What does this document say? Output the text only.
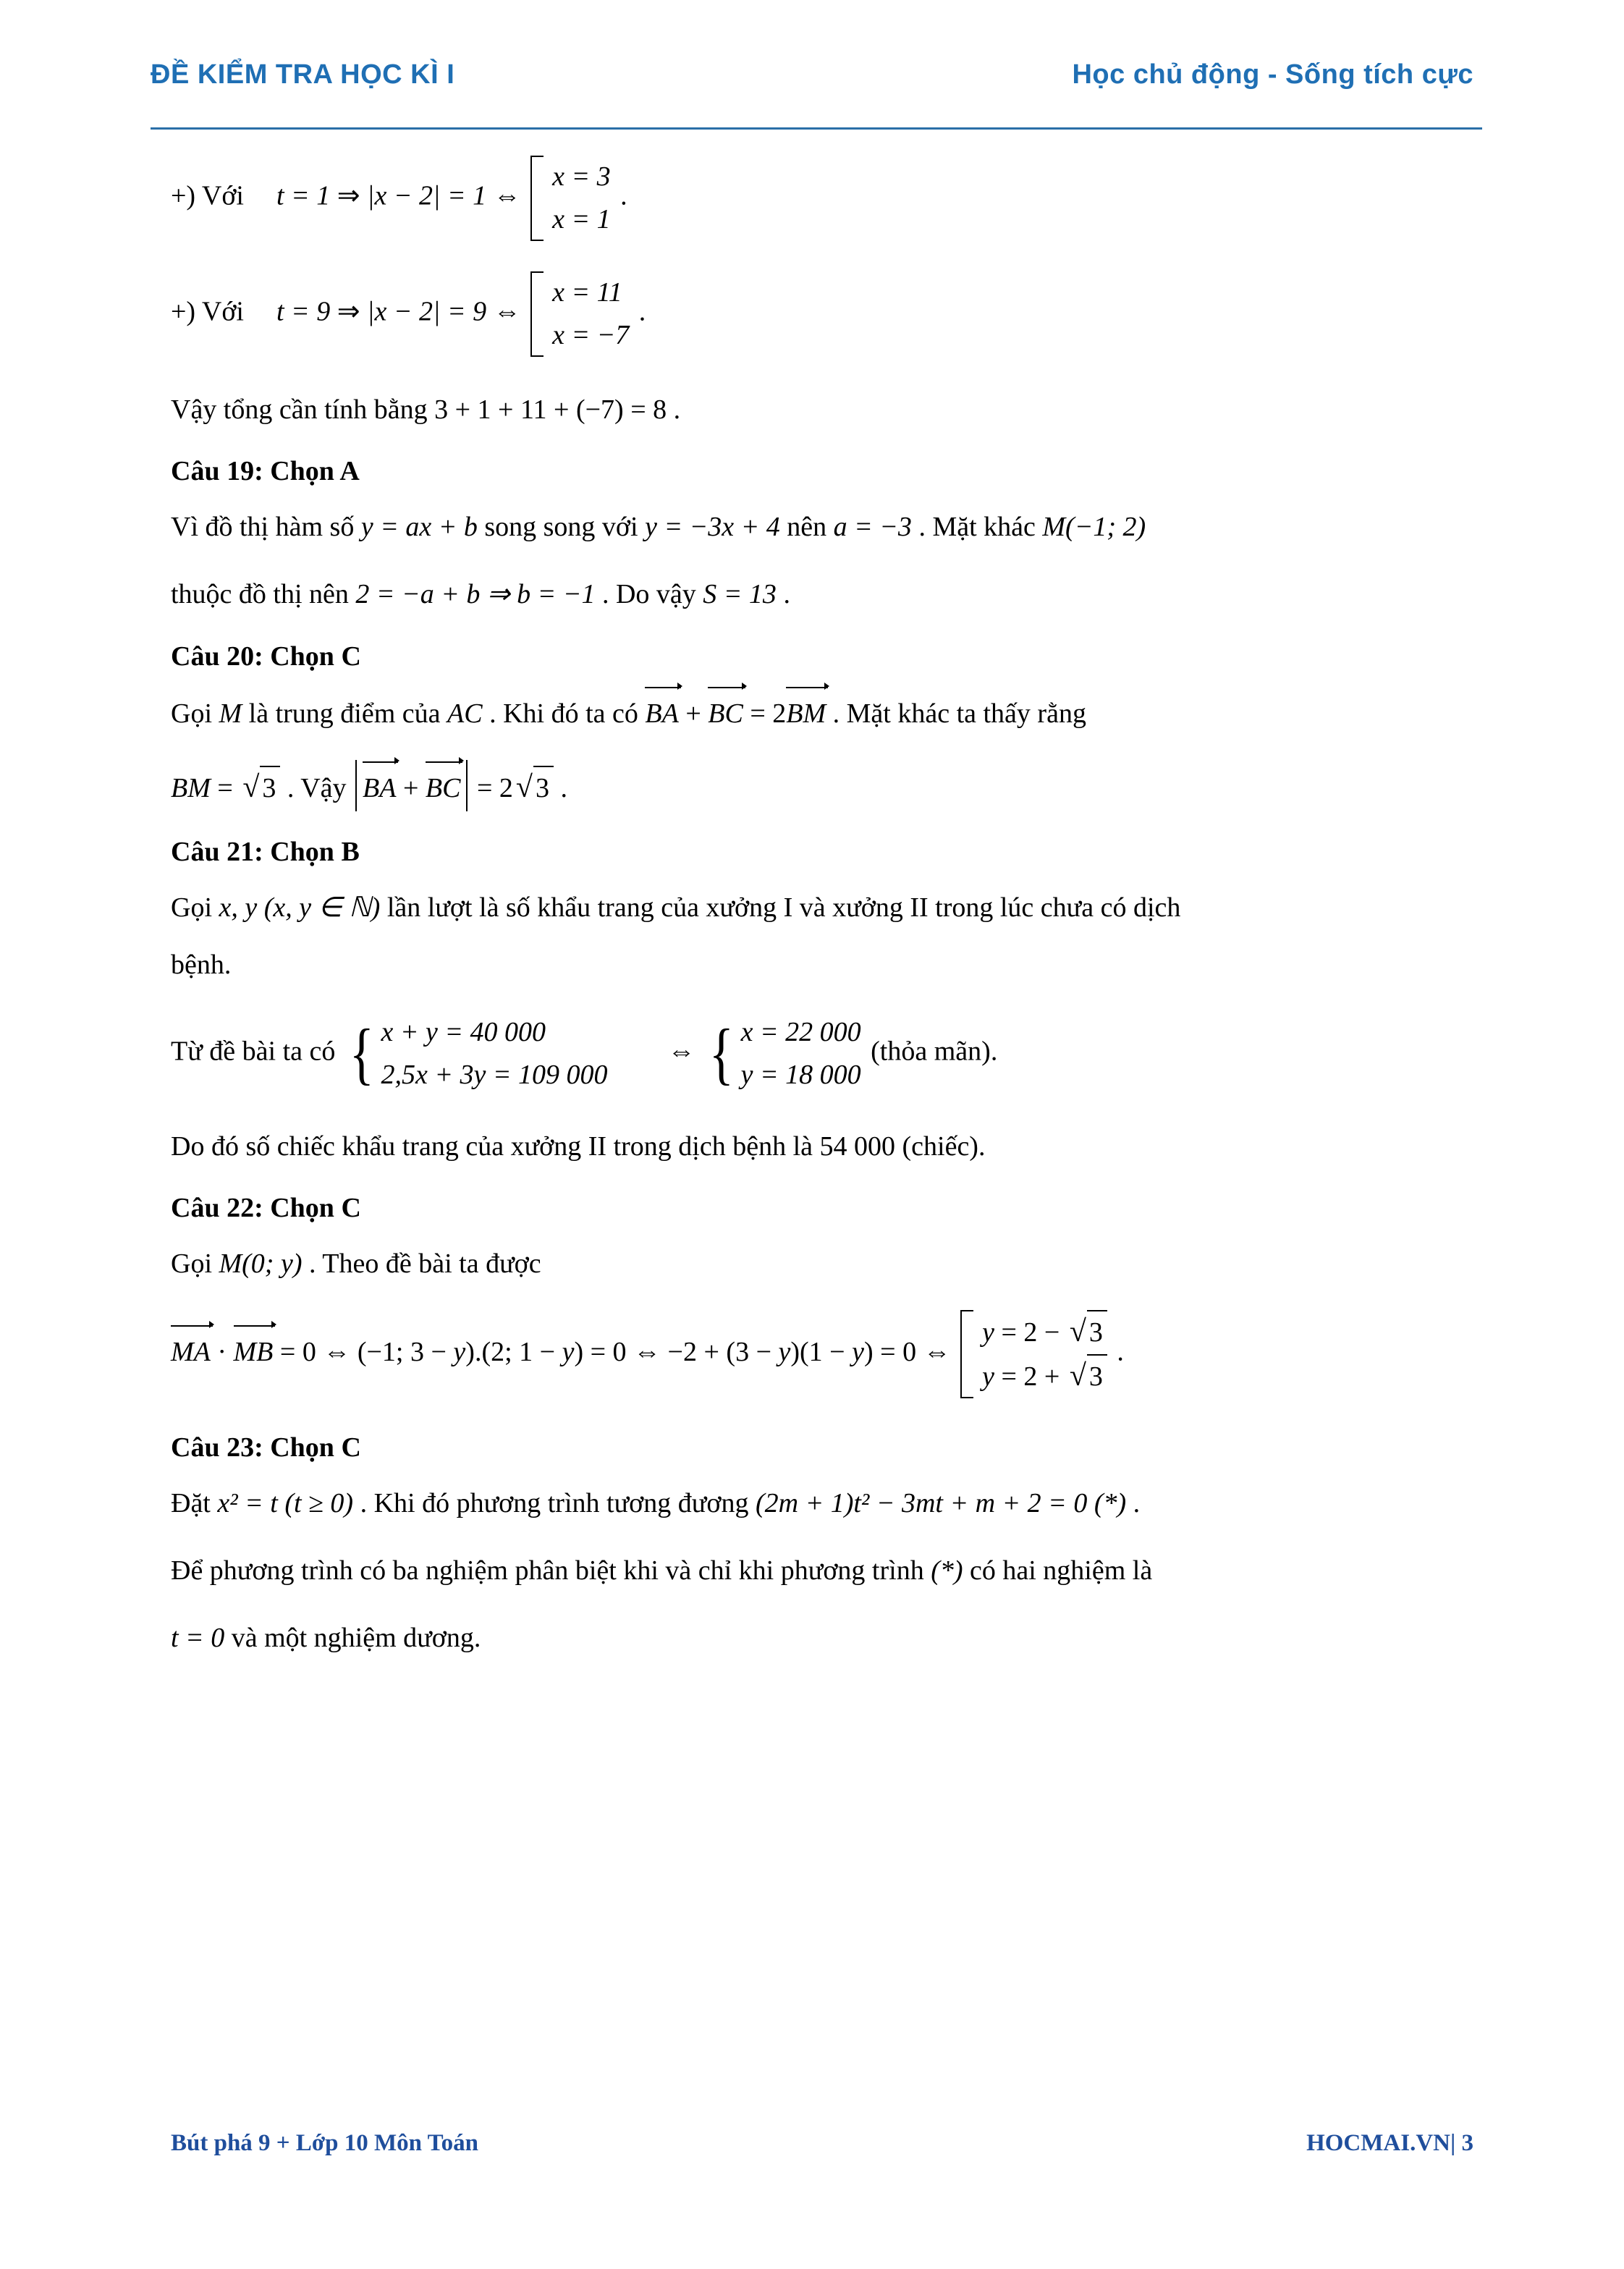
ĐỀ KIỂM TRA HỌC KÌ I	Học chủ động - Sống tích cực
+) Với t = 1 ⇒ |x − 2| = 1 ⇔
x = 3
x = 1
.
+) Với t = 9 ⇒ |x − 2| = 9 ⇔
x = 11
x = −7
.
Vậy tổng cần tính bằng 3 + 1 + 11 + (−7) = 8 .
Câu 19: Chọn A
Vì đồ thị hàm số y = ax + b song song với y = −3x + 4 nên a = −3 . Mặt khác M(−1; 2)
thuộc đồ thị nên 2 = −a + b ⇒ b = −1 . Do vậy S = 13 .
Câu 20: Chọn C
Gọi M là trung điểm của AC . Khi đó ta có BA + BC = 2BM . Mặt khác ta thấy rằng
BM = √ 3 . Vậy BA + BC = 2√ 3 .
Câu 21: Chọn B
Gọi x, y (x, y ∈ ℕ) lần lượt là số khẩu trang của xưởng I và xưởng II trong lúc chưa có dịch
bệnh.
Từ đề bài ta có { x + y = 40 000
2,5x + 3y = 109 000
⇔ { x = 22 000
y = 18 000
(thỏa mãn).
Do đó số chiếc khẩu trang của xưởng II trong dịch bệnh là 54 000 (chiếc).
Câu 22: Chọn C
Gọi M(0; y) . Theo đề bài ta được
MA · MB = 0 ⇔ (−1; 3 − y).(2; 1 − y) = 0 ⇔ −2 + (3 − y)(1 − y) = 0 ⇔
y = 2 − √ 3
y = 2 + √ 3
.
Câu 23: Chọn C
Đặt x² = t (t ≥ 0) . Khi đó phương trình tương đương (2m + 1)t² − 3mt + m + 2 = 0 (*) .
Để phương trình có ba nghiệm phân biệt khi và chỉ khi phương trình (*) có hai nghiệm là
t = 0 và một nghiệm dương.
Bút phá 9 + Lớp 10 Môn Toán	HOCMAI.VN| 3
